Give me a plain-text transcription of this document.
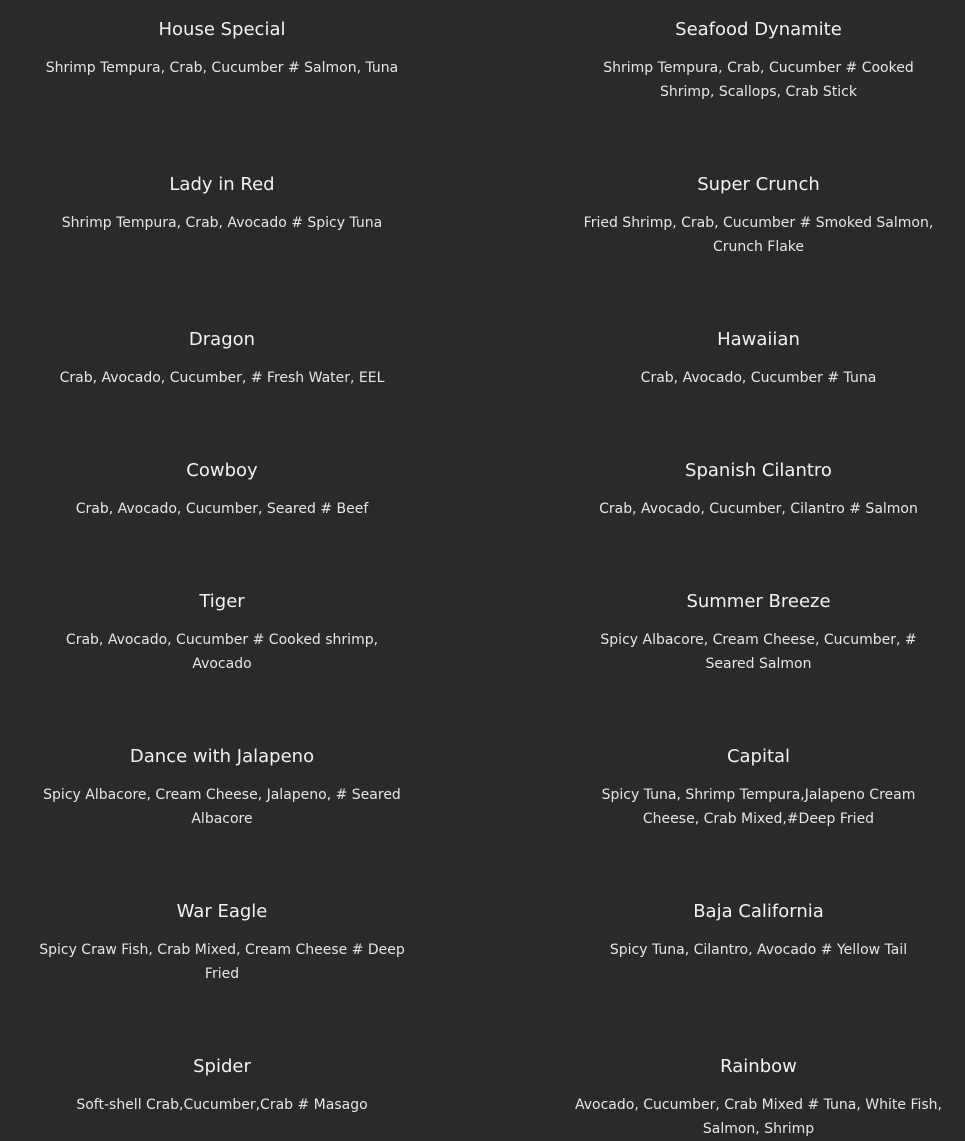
House Special
Shrimp Tempura, Crab, Cucumber # Salmon, Tuna
Seafood Dynamite
Shrimp Tempura, Crab, Cucumber # Cooked Shrimp, Scallops, Crab Stick
Lady in Red
Shrimp Tempura, Crab, Avocado # Spicy Tuna
Super Crunch
Fried Shrimp, Crab, Cucumber # Smoked Salmon, Crunch Flake
Dragon
Crab, Avocado, Cucumber, # Fresh Water, EEL
Hawaiian
Crab, Avocado, Cucumber # Tuna
Cowboy
Crab, Avocado, Cucumber, Seared # Beef
Spanish Cilantro
Crab, Avocado, Cucumber, Cilantro # Salmon
Tiger
Crab, Avocado, Cucumber # Cooked shrimp, Avocado
Summer Breeze
Spicy Albacore, Cream Cheese, Cucumber, # Seared Salmon
Dance with Jalapeno
Spicy Albacore, Cream Cheese, Jalapeno, # Seared Albacore
Capital
Spicy Tuna, Shrimp Tempura,Jalapeno Cream Cheese, Crab Mixed,#Deep Fried
War Eagle
Spicy Craw Fish, Crab Mixed, Cream Cheese # Deep Fried
Baja California
Spicy Tuna, Cilantro, Avocado # Yellow Tail
Spider
Soft-shell Crab,Cucumber,Crab # Masago
Rainbow
Avocado, Cucumber, Crab Mixed # Tuna, White Fish, Salmon, Shrimp
